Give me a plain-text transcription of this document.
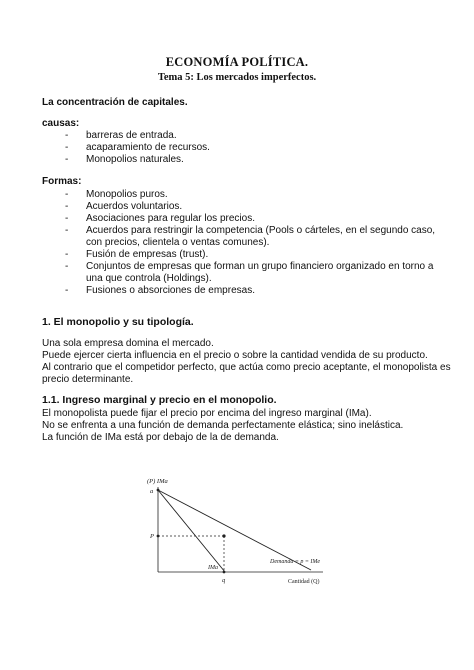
ECONOMÍA POLÍTICA.
Tema 5: Los mercados imperfectos.
La concentración de capitales.
causas:
- barreras de entrada.
- acaparamiento de recursos.
- Monopolios naturales.
Formas:
- Monopolios puros.
- Acuerdos voluntarios.
- Asociaciones para regular los precios.
- Acuerdos para restringir la competencia (Pools o cárteles, en el segundo caso,
con precios, clientela o ventas comunes).
- Fusión de empresas (trust).
- Conjuntos de empresas que forman un grupo financiero organizado en torno a
una que controla (Holdings).
- Fusiones o absorciones de empresas.
1. El monopolio y su tipología.
Una sola empresa domina el mercado.
Puede ejercer cierta influencia en el precio o sobre la cantidad vendida de su producto.
Al contrario que el competidor perfecto, que actúa como precio aceptante, el monopolista es
precio determinante.
1.1. Ingreso marginal y precio en el monopolio.
El monopolista puede fijar el precio por encima del ingreso marginal (IMa).
No se enfrenta a una función de demanda perfectamente elástica; sino inelástica.
La función de IMa está por debajo de la de demanda.
(P) IMa
a
P
IMa
q
Demanda = p = IMe
Cantidad (Q)
